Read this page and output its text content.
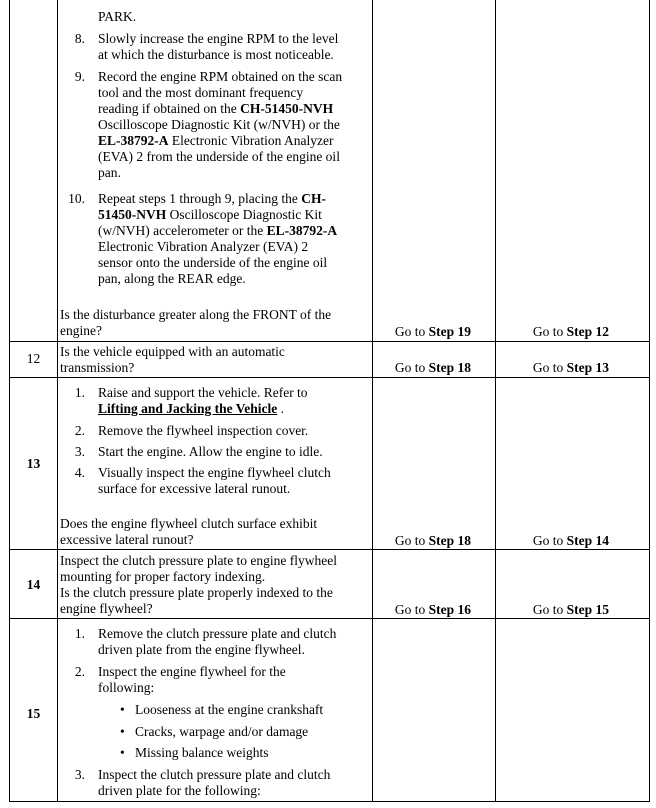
PARK.
8. Slowly increase the engine RPM to the level
at which the disturbance is most noticeable.
9. Record the engine RPM obtained on the scan
tool and the most dominant frequency
reading if obtained on the CH-51450-NVH
Oscilloscope Diagnostic Kit (w/NVH) or the
EL-38792-A Electronic Vibration Analyzer
(EVA) 2 from the underside of the engine oil
pan.
10. Repeat steps 1 through 9, placing the CH-
51450-NVH Oscilloscope Diagnostic Kit
(w/NVH) accelerometer or the EL-38792-A
Electronic Vibration Analyzer (EVA) 2
sensor onto the underside of the engine oil
pan, along the REAR edge.
Is the disturbance greater along the FRONT of the
engine?	Go to Step 19	Go to Step 12
12	Is the vehicle equipped with an automatic
transmission?	Go to Step 18	Go to Step 13
13
1. Raise and support the vehicle. Refer to
Lifting and Jacking the Vehicle .
2. Remove the flywheel inspection cover.
3. Start the engine. Allow the engine to idle.
4. Visually inspect the engine flywheel clutch
surface for excessive lateral runout.
Does the engine flywheel clutch surface exhibit
excessive lateral runout?	Go to Step 18	Go to Step 14
14
Inspect the clutch pressure plate to engine flywheel
mounting for proper factory indexing.
Is the clutch pressure plate properly indexed to the
engine flywheel?	Go to Step 16	Go to Step 15
15
1. Remove the clutch pressure plate and clutch
driven plate from the engine flywheel.
2. Inspect the engine flywheel for the
following:
• Looseness at the engine crankshaft
• Cracks, warpage and/or damage
• Missing balance weights
3. Inspect the clutch pressure plate and clutch
driven plate for the following:
